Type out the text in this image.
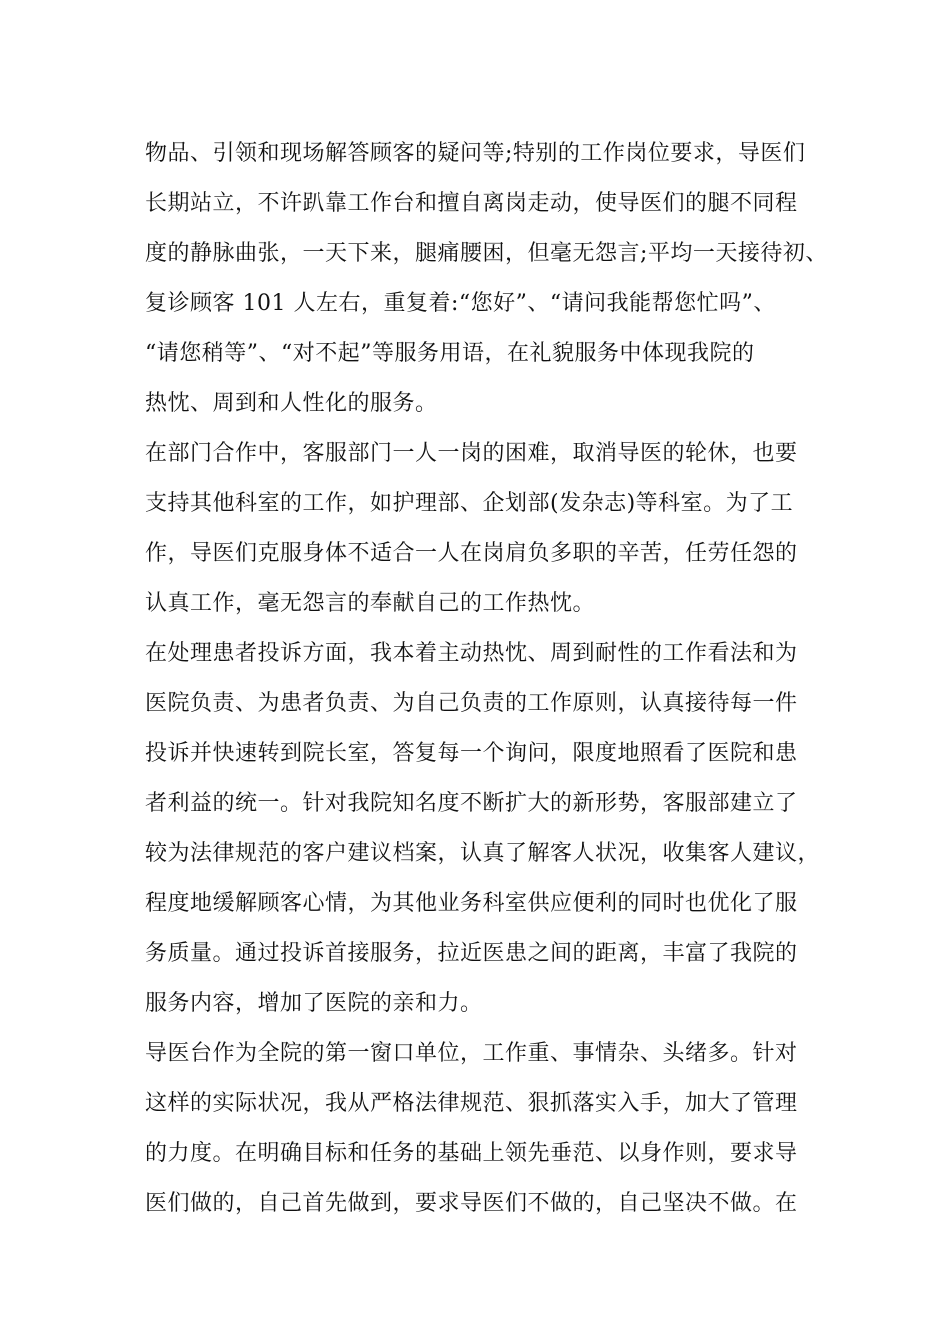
物品、引领和现场解答顾客的疑问等;特别的工作岗位要求，导医们
长期站立，不许趴靠工作台和擅自离岗走动，使导医们的腿不同程
度的静脉曲张，一天下来，腿痛腰困，但毫无怨言;平均一天接待初、
复诊顾客 101 人左右，重复着:“您好”、“请问我能帮您忙吗”、
“请您稍等”、“对不起”等服务用语，在礼貌服务中体现我院的
热忱、周到和人性化的服务。
在部门合作中，客服部门一人一岗的困难，取消导医的轮休，也要
支持其他科室的工作，如护理部、企划部(发杂志)等科室。为了工
作，导医们克服身体不适合一人在岗肩负多职的辛苦，任劳任怨的
认真工作，毫无怨言的奉献自己的工作热忱。
在处理患者投诉方面，我本着主动热忱、周到耐性的工作看法和为
医院负责、为患者负责、为自己负责的工作原则，认真接待每一件
投诉并快速转到院长室，答复每一个询问，限度地照看了医院和患
者利益的统一。针对我院知名度不断扩大的新形势，客服部建立了
较为法律规范的客户建议档案，认真了解客人状况，收集客人建议，
程度地缓解顾客心情，为其他业务科室供应便利的同时也优化了服
务质量。通过投诉首接服务，拉近医患之间的距离，丰富了我院的
服务内容，增加了医院的亲和力。
导医台作为全院的第一窗口单位，工作重、事情杂、头绪多。针对
这样的实际状况，我从严格法律规范、狠抓落实入手，加大了管理
的力度。在明确目标和任务的基础上领先垂范、以身作则，要求导
医们做的，自己首先做到，要求导医们不做的，自己坚决不做。在
